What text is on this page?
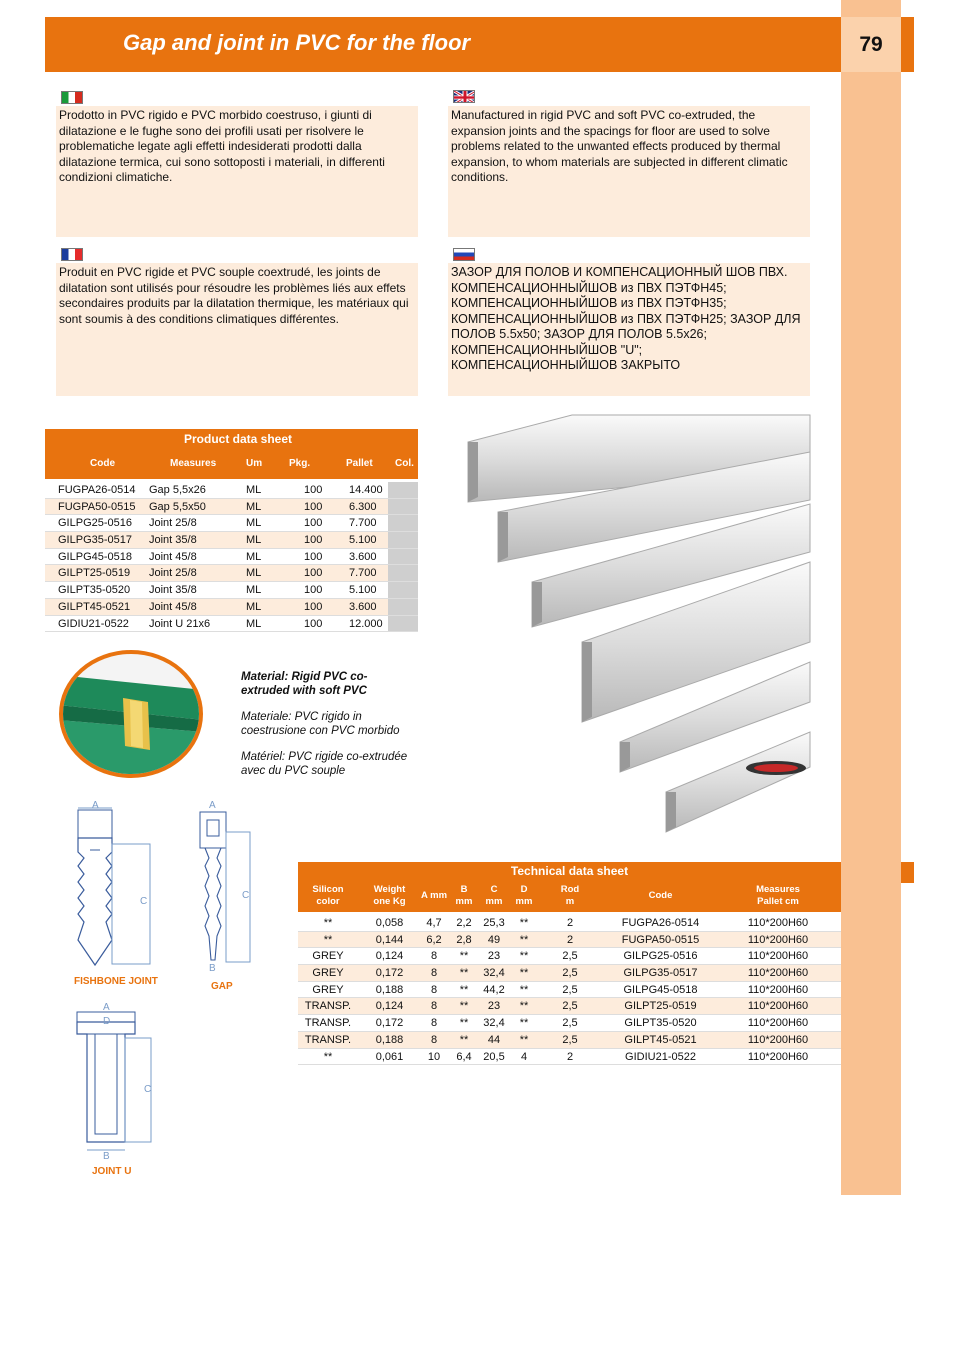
Gap and joint in PVC for the floor	79
Prodotto in PVC rigido e PVC morbido coestruso, i giunti di dilatazione e le fughe sono dei profili usati per risolvere le problematiche legate agli effetti indesiderati prodotti dalla dilatazione termica, cui sono sottoposti i materiali, in differenti condizioni climatiche.
Manufactured in rigid PVC and soft PVC co-extruded, the expansion joints and the spacings for floor are used to solve problems related to the unwanted effects produced by thermal expansion, to whom materials are subjected in different climatic conditions.
Produit en PVC rigide et PVC souple coextrudé, les joints de dilatation sont utilisés pour résoudre les problèmes liés aux effets secondaires produits par la dilatation thermique, les matériaux qui sont soumis à des conditions climatiques différentes.
ЗАЗОР ДЛЯ ПОЛОВ И КОМПЕНСАЦИОННЫЙ ШОВ ПВХ. КОМПЕНСАЦИОННЫЙШОВ из ПВХ ПЭТФН45; КОМПЕНСАЦИОННЫЙШОВ из ПВХ ПЭТФН35; КОМПЕНСАЦИОННЫЙШОВ из ПВХ ПЭТФН25; ЗАЗОР ДЛЯ ПОЛОВ 5.5х50; ЗАЗОР ДЛЯ ПОЛОВ 5.5х26; КОМПЕНСАЦИОННЫЙШОВ "U"; КОМПЕНСАЦИОННЫЙШОВ ЗАКРЫТО
Product data sheet
Code	Measures	Um	Pkg.	Pallet Col.
FUGPA26-0514 Gap 5,5x26	ML	100 14.400
FUGPA50-0515 Gap 5,5x50	ML	100 6.300
GILPG25-0516 Joint 25/8	ML	100 7.700
GILPG35-0517 Joint 35/8	ML	100 5.100
GILPG45-0518 Joint 45/8	ML	100 3.600
GILPT25-0519 Joint 25/8	ML	100 7.700
GILPT35-0520 Joint 35/8	ML	100 5.100
GILPT45-0521 Joint 45/8	ML	100 3.600
GIDIU21-0522 Joint U 21x6	ML	100 12.000

Material: Rigid PVC co-extruded with soft PVC

Materiale: PVC rigido in coestrusione con PVC morbido

Matériel: PVC rigide co-extrudée avec du PVC souple

A
C
FISHBONE JOINT
A
C
B
GAP
A
D
C
B
JOINT U
Technical data sheet
Silicon
color
Weight
one Kg
A mm
B
mm
C
mm
D
mm
Rod
m
Code
Measures
Pallet cm
**	0,058	4,7	2,2	25,3	**	2	FUGPA26-0514	110*200H60
**	0,144	6,2	2,8	49	**	2	FUGPA50-0515	110*200H60
GREY	0,124	8	**	23	**	2,5	GILPG25-0516	110*200H60
GREY	0,172	8	**	32,4	**	2,5	GILPG35-0517	110*200H60
GREY	0,188	8	**	44,2	**	2,5	GILPG45-0518	110*200H60
TRANSP.	0,124	8	**	23	**	2,5	GILPT25-0519	110*200H60
TRANSP.	0,172	8	**	32,4	**	2,5	GILPT35-0520	110*200H60
TRANSP.	0,188	8	**	44	**	2,5	GILPT45-0521	110*200H60
**	0,061	10	6,4	20,5	4	2	GIDIU21-0522	110*200H60
